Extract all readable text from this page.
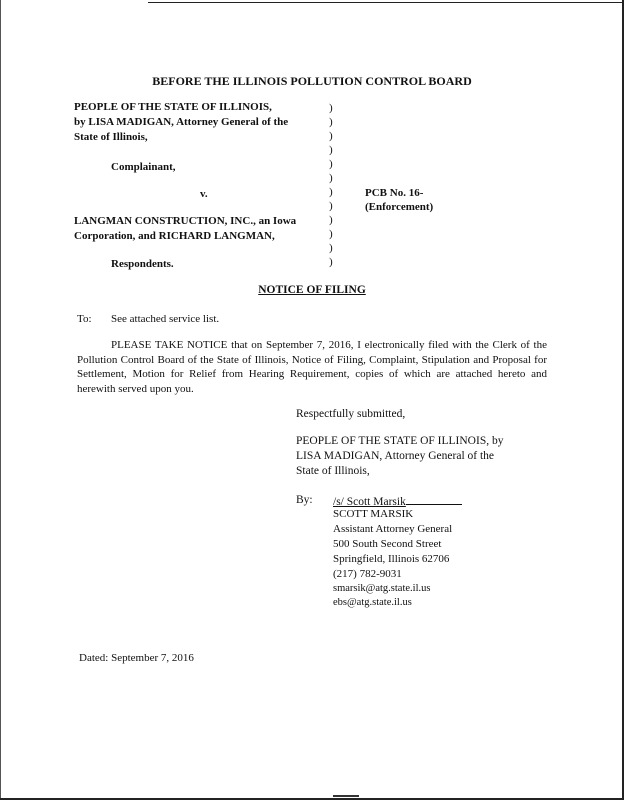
BEFORE THE ILLINOIS POLLUTION CONTROL BOARD
PEOPLE OF THE STATE OF ILLINOIS,
by LISA MADIGAN, Attorney General of the
State of Illinois,
Complainant,
v.
LANGMAN CONSTRUCTION, INC., an Iowa
Corporation, and RICHARD LANGMAN,
Respondents.
)
)
)
)
)
)
)
)
)
)
)
)
PCB No. 16-
(Enforcement)
NOTICE OF FILING
To: See attached service list.
PLEASE TAKE NOTICE that on September 7, 2016, I electronically filed with the Clerk of the Pollution Control Board of the State of Illinois, Notice of Filing, Complaint, Stipulation and Proposal for Settlement, Motion for Relief from Hearing Requirement, copies of which are attached hereto and herewith served upon you.
Respectfully submitted,
PEOPLE OF THE STATE OF ILLINOIS, by
LISA MADIGAN, Attorney General of the
State of Illinois,
By: /s/ Scott Marsik
SCOTT MARSIK
Assistant Attorney General
500 South Second Street
Springfield, Illinois 62706
(217) 782-9031
smarsik@atg.state.il.us
ebs@atg.state.il.us
Dated: September 7, 2016
